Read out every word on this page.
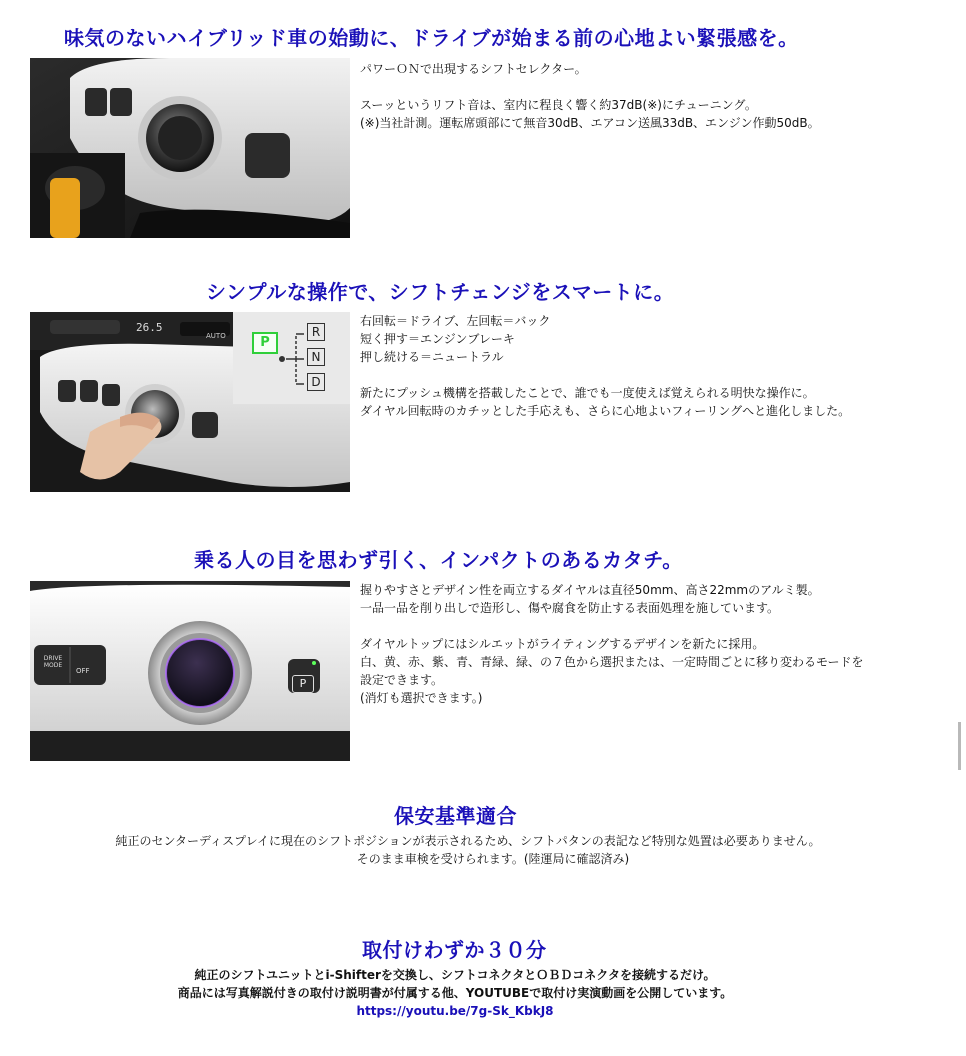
味気のないハイブリッド車の始動に、ドライブが始まる前の心地よい緊張感を。

パワーＯＮで出現するシフトセレクター。

スーッというリフト音は、室内に程良く響く約37dB(※)にチューニング。

(※)当社計測。運転席頭部にて無音30dB、エアコン送風33dB、エンジン作動50dB。

シンプルな操作で、シフトチェンジをスマートに。
26.5
AUTO	P
R
N
D

右回転＝ドライブ、左回転＝バック

短く押す＝エンジンブレーキ

押し続ける＝ニュートラル

新たにプッシュ機構を搭載したことで、誰でも一度使えば覚えられる明快な操作に。

ダイヤル回転時のカチッとした手応えも、さらに心地よいフィーリングへと進化しました。

乗る人の目を思わず引く、インパクトのあるカタチ。
DRIVE
MODE
OFF
P

握りやすさとデザイン性を両立するダイヤルは直径50mm、高さ22mmのアルミ製。

一品一品を削り出しで造形し、傷や腐食を防止する表面処理を施しています。

ダイヤルトップにはシルエットがライティングするデザインを新たに採用。

白、黄、赤、紫、青、青緑、緑、の７色から選択または、一定時間ごとに移り変わるモードを

設定できます。

(消灯も選択できます。)

保安基準適合

純正のセンターディスプレイに現在のシフトポジションが表示されるため、シフトパタンの表記など特別な処置は必要ありません。

そのまま車検を受けられます。(陸運局に確認済み)

取付けわずか３０分

純正のシフトユニットとi-Shifterを交換し、シフトコネクタとＯＢＤコネクタを接続するだけ。

商品には写真解説付きの取付け説明書が付属する他、YOUTUBEで取付け実演動画を公開しています。

https://youtu.be/7g-Sk_KbkJ8
